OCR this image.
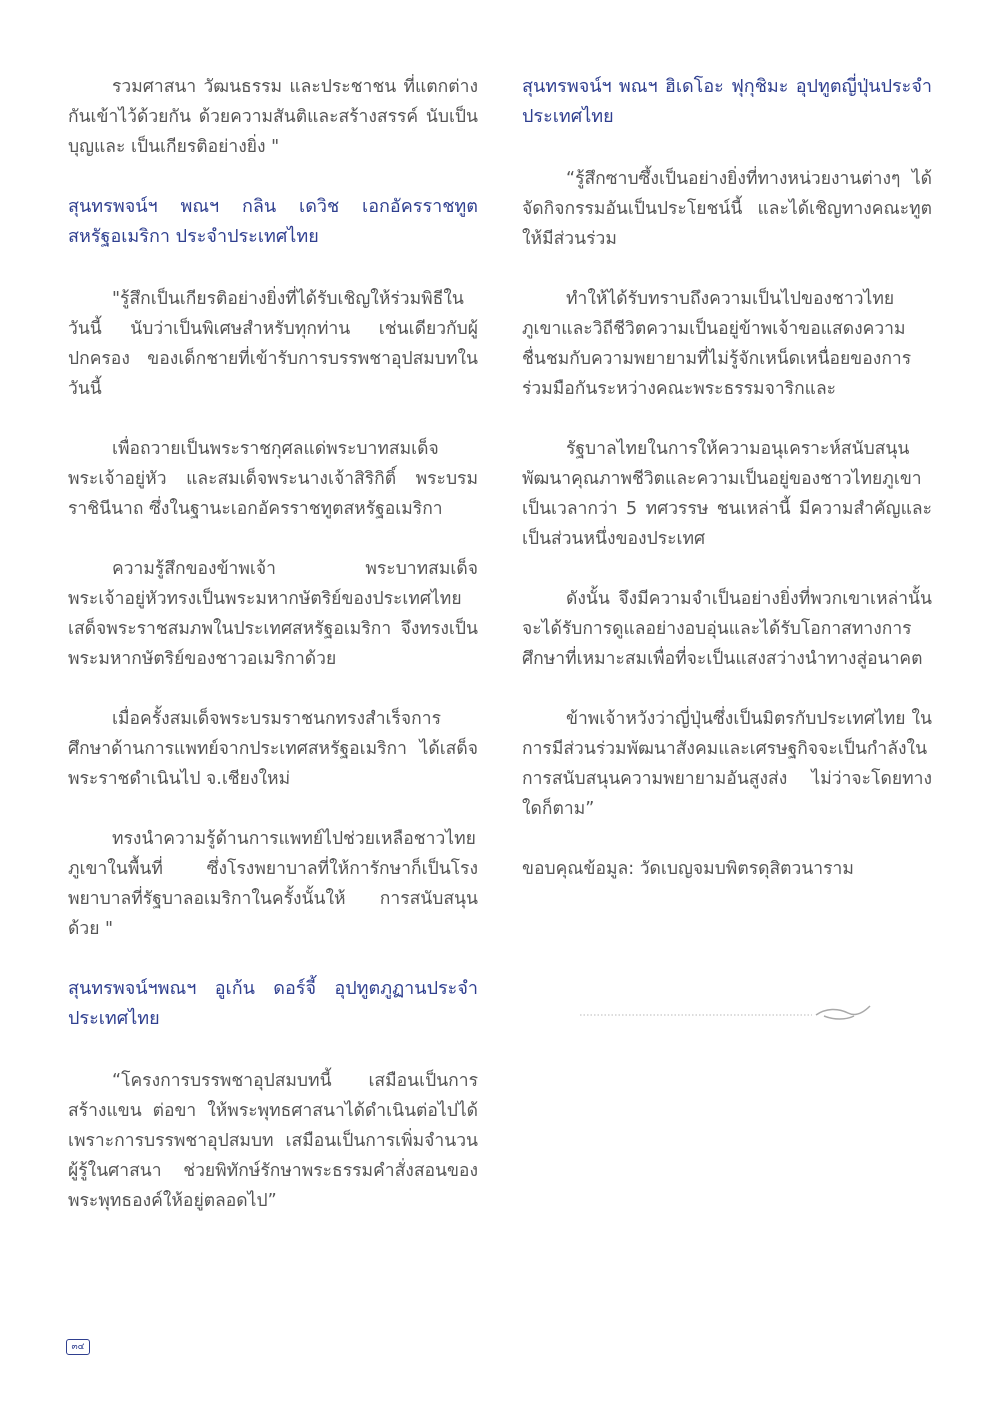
รวมศาสนา วัฒนธรรม และประชาชน ที่แตกต่างกันเข้าไว้ด้วยกัน ด้วยความสันติและสร้างสรรค์ นับเป็นบุญและ เป็นเกียรติอย่างยิ่ง "

สุนทรพจน์ฯ พณฯ กลิน เดวิช เอกอัครราชทูตสหรัฐอเมริกา ประจำประเทศไทย

"รู้สึกเป็นเกียรติอย่างยิ่งที่ได้รับเชิญให้ร่วมพิธีในวันนี้ นับว่าเป็นพิเศษสำหรับทุกท่าน เช่นเดียวกับผู้ปกครอง ของเด็กชายที่เข้ารับการบรรพชาอุปสมบทในวันนี้

เพื่อถวายเป็นพระราชกุศลแด่พระบาทสมเด็จพระเจ้าอยู่หัว และสมเด็จพระนางเจ้าสิริกิติ์ พระบรมราชินีนาถ ซึ่งในฐานะเอกอัครราชทูตสหรัฐอเมริกา

ความรู้สึกของข้าพเจ้า พระบาทสมเด็จพระเจ้าอยู่หัวทรงเป็นพระมหากษัตริย์ของประเทศไทย เสด็จพระราชสมภพในประเทศสหรัฐอเมริกา จึงทรงเป็นพระมหากษัตริย์ของชาวอเมริกาด้วย

เมื่อครั้งสมเด็จพระบรมราชนกทรงสำเร็จการศึกษาด้านการแพทย์จากประเทศสหรัฐอเมริกา ได้เสด็จพระราชดำเนินไป จ.เชียงใหม่

ทรงนำความรู้ด้านการแพทย์ไปช่วยเหลือชาวไทยภูเขาในพื้นที่ ซึ่งโรงพยาบาลที่ให้การักษาก็เป็นโรงพยาบาลที่รัฐบาลอเมริกาในครั้งนั้นให้ การสนับสนุนด้วย "

สุนทรพจน์ฯพณฯ อูเก้น ดอร์จี้ อุปทูตภูฏานประจำประเทศไทย

“โครงการบรรพชาอุปสมบทนี้ เสมือนเป็นการสร้างแขน ต่อขา ให้พระพุทธศาสนาได้ดำเนินต่อไปได้ เพราะการบรรพชาอุปสมบท เสมือนเป็นการเพิ่มจำนวนผู้รู้ในศาสนา ช่วยพิทักษ์รักษาพระธรรมคำสั่งสอนของพระพุทธองค์ให้อยู่ตลอดไป”

สุนทรพจน์ฯ พณฯ ฮิเดโอะ ฟุกุชิมะ อุปทูตญี่ปุ่นประจำประเทศไทย

“รู้สึกซาบซึ้งเป็นอย่างยิ่งที่ทางหน่วยงานต่างๆ ได้จัดกิจกรรมอันเป็นประโยชน์นี้ และได้เชิญทางคณะทูตให้มีส่วนร่วม

ทำให้ได้รับทราบถึงความเป็นไปของชาวไทยภูเขาและวิถีชีวิตความเป็นอยู่ข้าพเจ้าขอแสดงความชื่นชมกับความพยายามที่ไม่รู้จักเหน็ดเหนื่อยของการร่วมมือกันระหว่างคณะพระธรรมจาริกและ

รัฐบาลไทยในการให้ความอนุเคราะห์สนับสนุนพัฒนาคุณภาพชีวิตและความเป็นอยู่ของชาวไทยภูเขาเป็นเวลากว่า 5 ทศวรรษ ชนเหล่านี้ มีความสำคัญและเป็นส่วนหนึ่งของประเทศ

ดังนั้น จึงมีความจำเป็นอย่างยิ่งที่พวกเขาเหล่านั้น จะได้รับการดูแลอย่างอบอุ่นและได้รับโอกาสทางการศึกษาที่เหมาะสมเพื่อที่จะเป็นแสงสว่างนำทางสู่อนาคต

ข้าพเจ้าหวังว่าญี่ปุ่นซึ่งเป็นมิตรกับประเทศไทย ในการมีส่วนร่วมพัฒนาสังคมและเศรษฐกิจจะเป็นกำลังในการสนับสนุนความพยายามอันสูงส่ง ไม่ว่าจะโดยทางใดก็ตาม”

ขอบคุณข้อมูล: วัดเบญจมบพิตรดุสิตวนาราม

๓๔
